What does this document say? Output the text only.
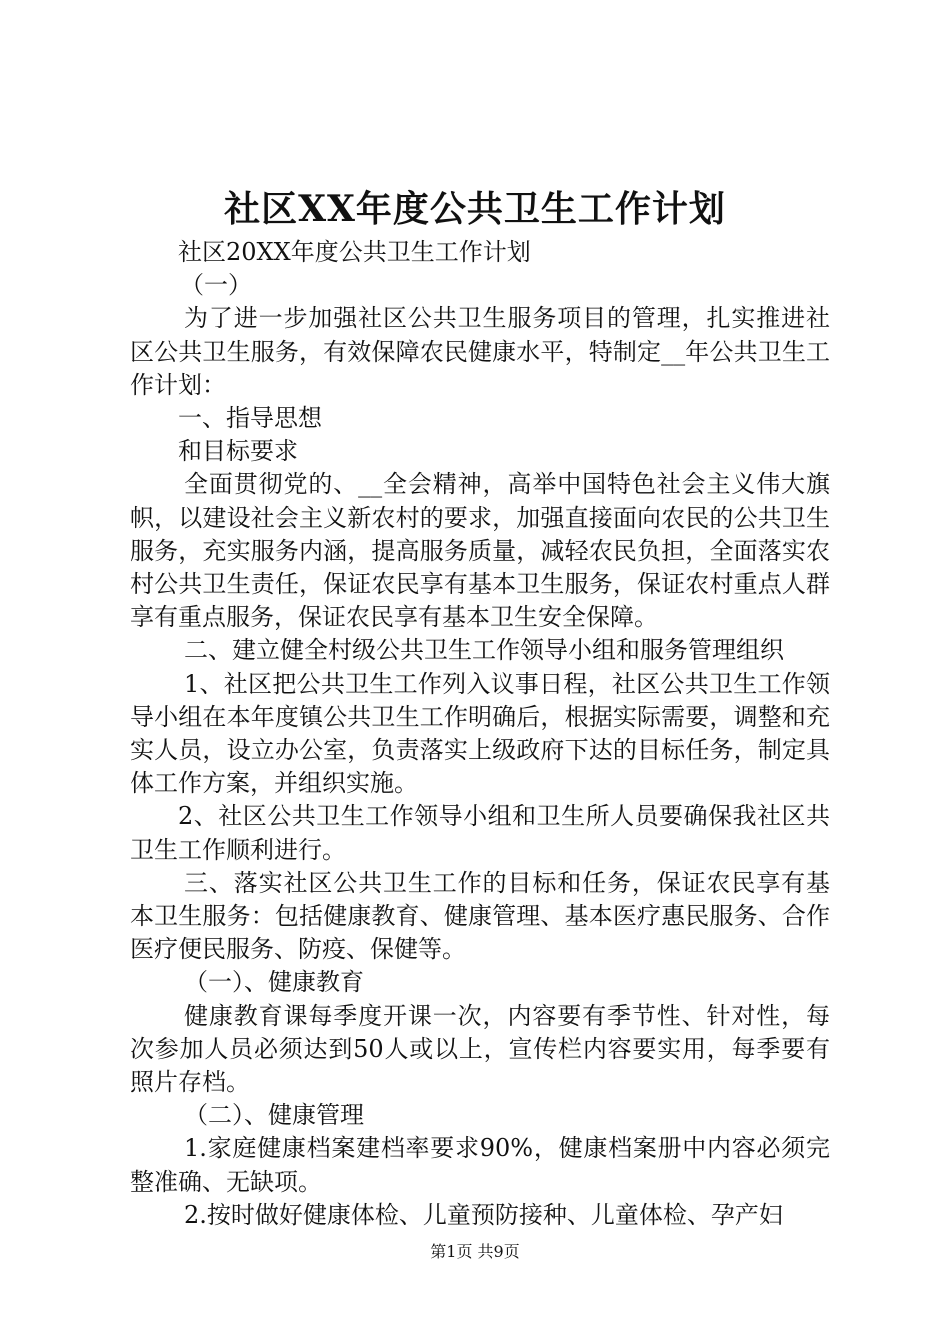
社区XX年度公共卫生工作计划

社区20XX年度公共卫生工作计划

（一）

为了进一步加强社区公共卫生服务项目的管理，扎实推进社区公共卫生服务，有效保障农民健康水平，特制定__年公共卫生工作计划：

一、指导思想

和目标要求

全面贯彻党的、__全会精神，高举中国特色社会主义伟大旗帜，以建设社会主义新农村的要求，加强直接面向农民的公共卫生服务，充实服务内涵，提高服务质量，减轻农民负担，全面落实农村公共卫生责任，保证农民享有基本卫生服务，保证农村重点人群享有重点服务，保证农民享有基本卫生安全保障。

二、建立健全村级公共卫生工作领导小组和服务管理组织

1、社区把公共卫生工作列入议事日程，社区公共卫生工作领导小组在本年度镇公共卫生工作明确后，根据实际需要，调整和充实人员，设立办公室，负责落实上级政府下达的目标任务，制定具体工作方案，并组织实施。

2、社区公共卫生工作领导小组和卫生所人员要确保我社区共卫生工作顺利进行。

三、落实社区公共卫生工作的目标和任务，保证农民享有基本卫生服务：包括健康教育、健康管理、基本医疗惠民服务、合作医疗便民服务、防疫、保健等。

（一）、健康教育

健康教育课每季度开课一次，内容要有季节性、针对性，每次参加人员必须达到50人或以上，宣传栏内容要实用，每季要有照片存档。

（二）、健康管理

1.家庭健康档案建档率要求90%，健康档案册中内容必须完整准确、无缺项。

2.按时做好健康体检、儿童预防接种、儿童体检、孕产妇

第1页 共9页
